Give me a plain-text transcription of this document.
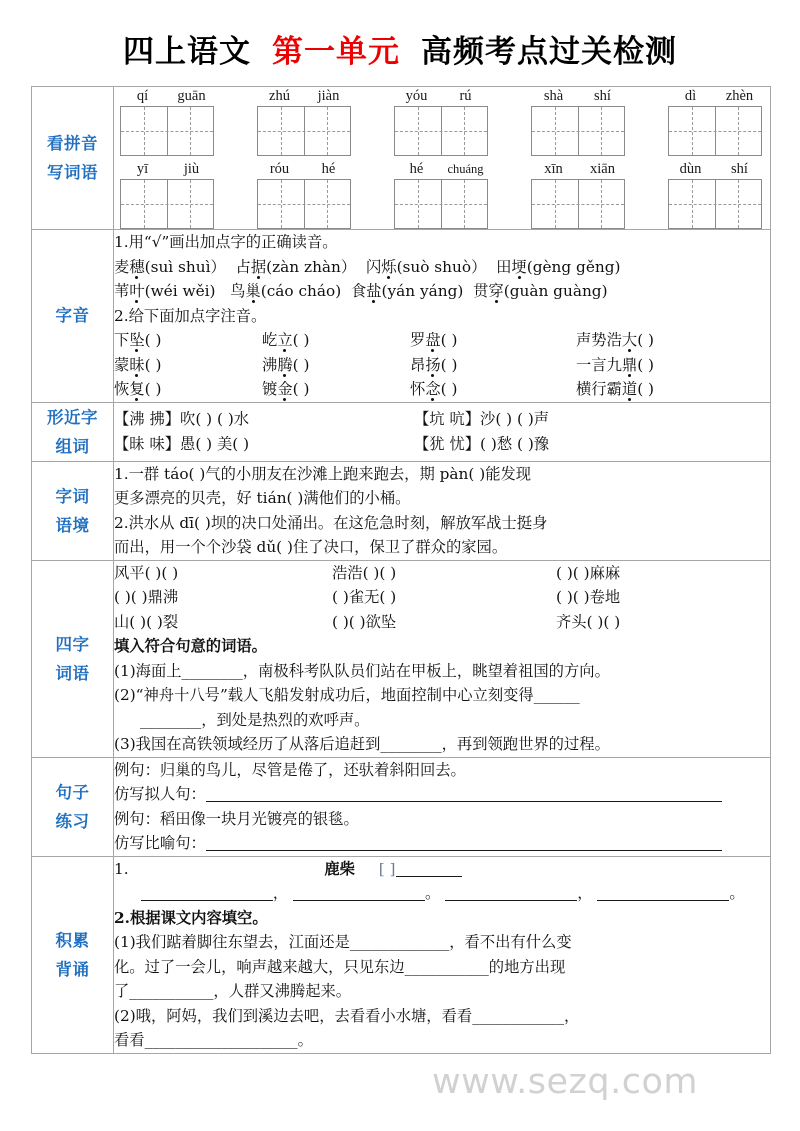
四上语文 第一单元 高频考点过关检测
看拼音
写词语

qí	guān	zhú	jiàn	yóu	rú	shà	shí	dì	zhèn
yī	jiù	róu	hé	hé	chuáng	xīn	xiān	dùn	shí

字音

1.用“√”画出加点字的正确读音。
麦穗(suì shuì） 占据(zàn zhàn） 闪烁(suò shuò） 田埂(gèng gěng)
苇叶(wéi wěi) 鸟巢(cáo cháo) 食盐(yán yáng) 贯穿(guàn guàng)
2.给下面加点字注音。
下坠( )	屹立( )	罗盘( )	声势浩大( )
蒙昧( )	沸腾( )	昂扬( )	一言九鼎( )
恢复( )	镀金( )	怀念( )	横行霸道( )

形近字
组词

【沸 拂】吹( ) ( )水	【坑 吭】沙( ) ( )声
【昧 味】愚( ) 美( )	【犹 忧】( )愁 ( )豫

字词
语境

1.一群 táo( )气的小朋友在沙滩上跑来跑去，期 pàn( )能发现
更多漂亮的贝壳，好 tián( )满他们的小桶。
2.洪水从 dī( )坝的决口处涌出。在这危急时刻，解放军战士挺身
而出，用一个个沙袋 dǔ( )住了决口，保卫了群众的家园。

四字
词语

风平( )( )	浩浩( )( )	( )( )麻麻
( )( )鼎沸	( )雀无( )	( )( )卷地
山( )( )裂	( )( )欲坠	齐头( )( )
填入符合句意的词语。
(1)海面上________，南极科考队队员们站在甲板上，眺望着祖国的方向。
(2)“神舟十八号”载人飞船发射成功后，地面控制中心立刻变得______
________，到处是热烈的欢呼声。
(3)我国在高铁领域经历了从落后追赶到________，再到领跑世界的过程。

句子
练习

例句：归巢的鸟儿，尽管是倦了，还驮着斜阳回去。
仿写拟人句：
例句：稻田像一块月光镀亮的银毯。
仿写比喻句：

积累
背诵

1.	鹿柴 [ ]
，	。	，	。
2.根据课文内容填空。
(1)我们踮着脚往东望去，江面还是_____________，看不出有什么变
化。过了一会儿，响声越来越大，只见东边___________的地方出现
了___________，人群又沸腾起来。
(2)哦，阿妈，我们到溪边去吧，去看看小水塘，看看____________，
看看____________________。
www.sezq.com
